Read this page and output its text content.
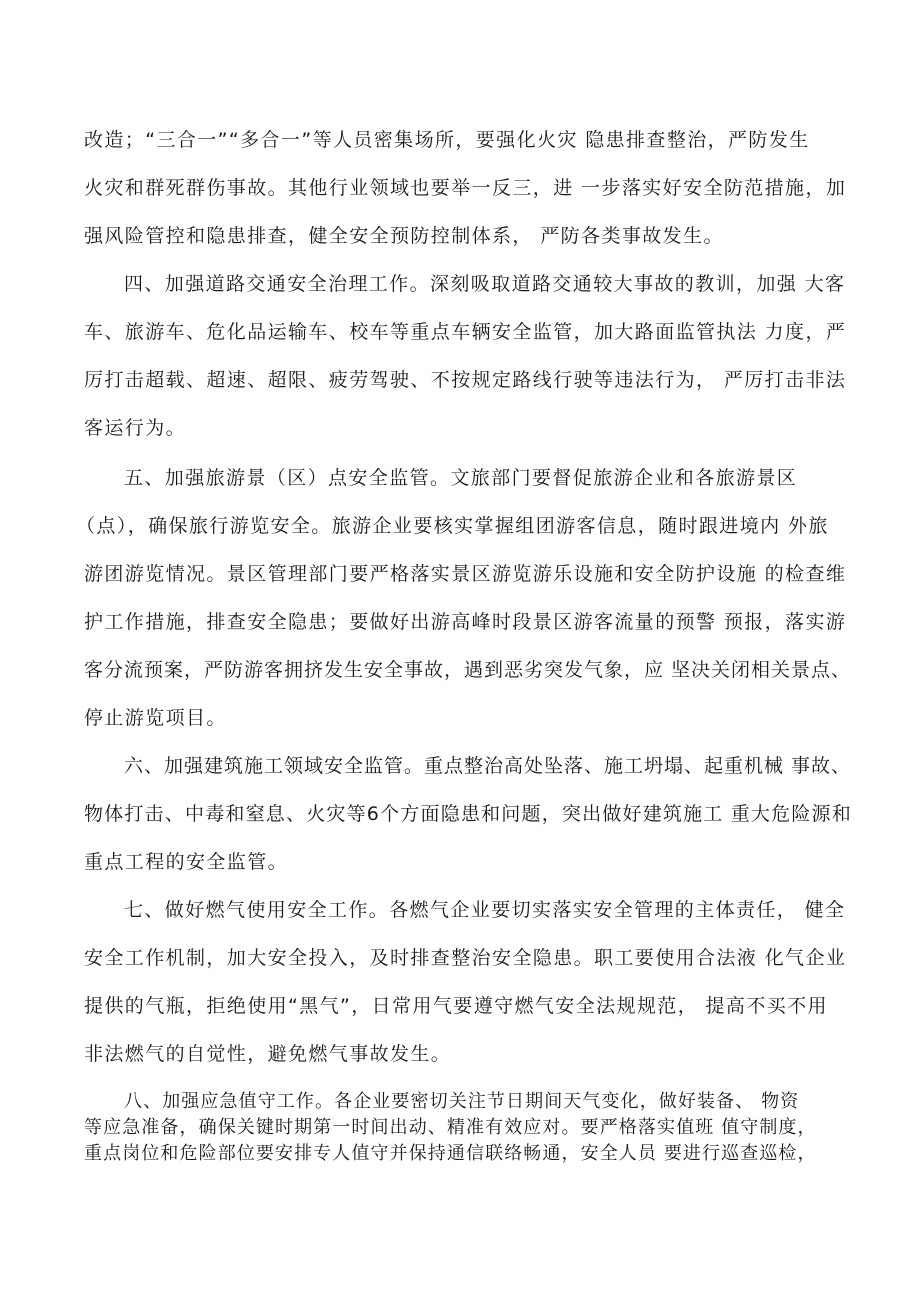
改造；“三合一”“多合一”等人员密集场所，要强化火灾 隐患排查整治，严防发生
火灾和群死群伤事故。其他行业领域也要举一反三，进 一步落实好安全防范措施，加
强风险管控和隐患排查，健全安全预防控制体系， 严防各类事故发生。
四、加强道路交通安全治理工作。深刻吸取道路交通较大事故的教训，加强 大客
车、旅游车、危化品运输车、校车等重点车辆安全监管，加大路面监管执法 力度，严
厉打击超载、超速、超限、疲劳驾驶、不按规定路线行驶等违法行为， 严厉打击非法
客运行为。
五、加强旅游景（区）点安全监管。文旅部门要督促旅游企业和各旅游景区
（点），确保旅行游览安全。旅游企业要核实掌握组团游客信息，随时跟进境内 外旅
游团游览情况。景区管理部门要严格落实景区游览游乐设施和安全防护设施 的检查维
护工作措施，排查安全隐患；要做好出游高峰时段景区游客流量的预警 预报，落实游
客分流预案，严防游客拥挤发生安全事故，遇到恶劣突发气象，应 坚决关闭相关景点、
停止游览项目。
六、加强建筑施工领域安全监管。重点整治高处坠落、施工坍塌、起重机械 事故、
物体打击、中毒和窒息、火灾等6个方面隐患和问题，突出做好建筑施工 重大危险源和
重点工程的安全监管。
七、做好燃气使用安全工作。各燃气企业要切实落实安全管理的主体责任， 健全
安全工作机制，加大安全投入，及时排查整治安全隐患。职工要使用合法液 化气企业
提供的气瓶，拒绝使用“黑气”，日常用气要遵守燃气安全法规规范， 提高不买不用
非法燃气的自觉性，避免燃气事故发生。
八、加强应急值守工作。各企业要密切关注节日期间天气变化，做好装备、 物资
等应急准备，确保关键时期第一时间出动、精准有效应对。要严格落实值班 值守制度，
重点岗位和危险部位要安排专人值守并保持通信联络畅通，安全人员 要进行巡查巡检，
